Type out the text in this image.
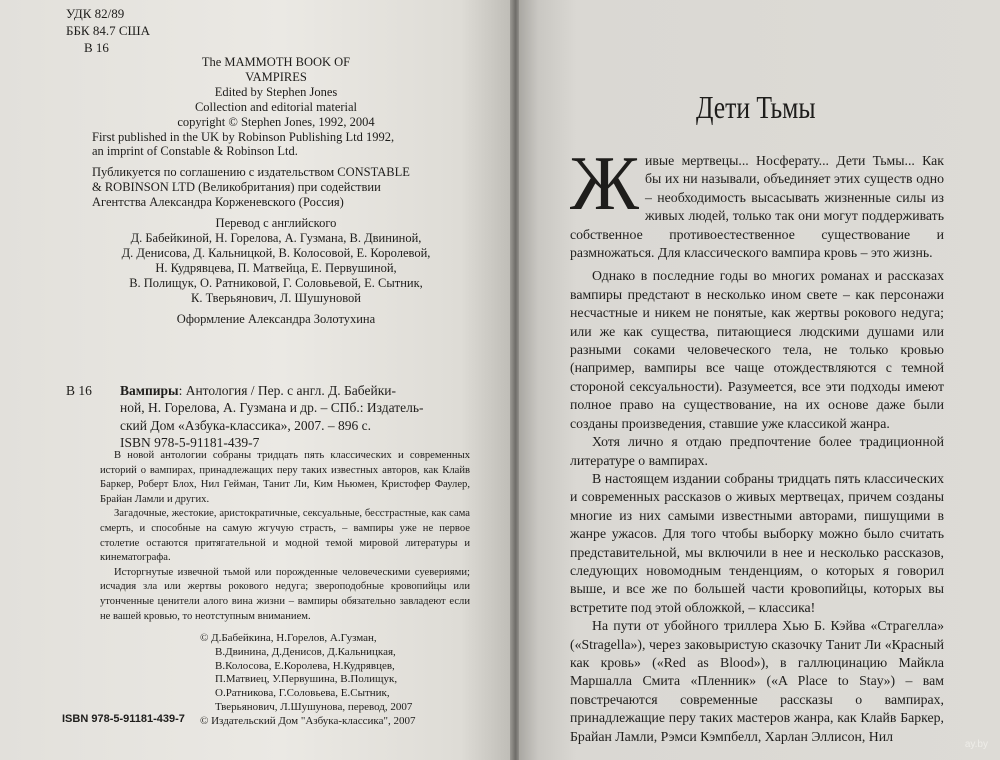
УДК 82/89
ББК 84.7 США
В 16
The MAMMOTH BOOK OF
VAMPIRES
Edited by Stephen Jones
Collection and editorial material
copyright © Stephen Jones, 1992, 2004
First published in the UK by Robinson Publishing Ltd 1992,
an imprint of Constable & Robinson Ltd.
Публикуется по соглашению с издательством CONSTABLE
& ROBINSON LTD (Великобритания) при содействии
Агентства Александра Корженевского (Россия)
Перевод с английского
Д. Бабейкиной, Н. Горелова, А. Гузмана, В. Двининой,
Д. Денисова, Д. Кальницкой, В. Колосовой, Е. Королевой,
Н. Кудрявцева, П. Матвейца, Е. Первушиной,
В. Полищук, О. Ратниковой, Г. Соловьевой, Е. Сытник,
К. Тверьянович, Л. Шушуновой
Оформление Александра Золотухина
В 16	Вампиры: Антология / Пер. с англ. Д. Бабейки-
ной, Н. Горелова, А. Гузмана и др. – СПб.: Издатель-
ский Дом «Азбука-классика», 2007. – 896 с.
ISBN 978-5-91181-439-7

В новой антологии собраны тридцать пять классических и современных историй о вампирах, принадлежащих перу таких известных авторов, как Клайв Баркер, Роберт Блох, Нил Гейман, Танит Ли, Ким Ньюмен, Кристофер Фаулер, Брайан Ламли и других.

Загадочные, жестокие, аристократичные, сексуальные, бесстрастные, как сама смерть, и способные на самую жгучую страсть, – вампиры уже не первое столетие остаются притягательной и модной темой мировой литературы и кинематографа.

Исторгнутые извечной тьмой или порожденные человеческими суевериями; исчадия зла или жертвы рокового недуга; звероподобные кровопийцы или утонченные ценители алого вина жизни – вампиры обязательно завладеют если не вашей кровью, то неотступным вниманием.

© Д.Бабейкина, Н.Горелов, А.Гузман,
В.Двинина, Д.Денисов, Д.Кальницкая,
В.Колосова, Е.Королева, Н.Кудрявцев,
П.Матвиец, У.Первушина, В.Полищук,
О.Ратникова, Г.Соловьева, Е.Сытник,
Тверьянович, Л.Шушунова, перевод, 2007
© Издательский Дом "Азбука-классика", 2007
ISBN 978-5-91181-439-7
Дети Тьмы

Живые мертвецы... Носферату... Дети Тьмы... Как бы их ни называли, объединяет этих существ одно – необходимость высасывать жизненные силы из живых людей, только так они могут поддерживать собственное противоестественное существование и размножаться. Для классического вампира кровь – это жизнь.

Однако в последние годы во многих романах и рассказах вампиры предстают в несколько ином свете – как персонажи несчастные и никем не понятые, как жертвы рокового недуга; или же как существа, питающиеся людскими душами или разными соками человеческого тела, не только кровью (например, вампиры все чаще отождествляются с темной стороной сексуальности). Разумеется, все эти подходы имеют полное право на существование, на их основе даже были созданы произведения, ставшие уже классикой жанра.

Хотя лично я отдаю предпочтение более традиционной литературе о вампирах.

В настоящем издании собраны тридцать пять классических и современных рассказов о живых мертвецах, причем созданы многие из них самыми известными авторами, пишущими в жанре ужасов. Для того чтобы выборку можно было считать представительной, мы включили в нее и несколько рассказов, следующих новомодным тенденциям, о которых я говорил выше, и все же по большей части кровопийцы, которых вы встретите под этой обложкой, – классика!

На пути от убойного триллера Хью Б. Кэйва «Страгелла» («Stragella»), через заковыристую сказочку Танит Ли «Красный как кровь» («Red as Blood»), в галлюцинацию Майкла Маршалла Смита «Пленник» («A Place to Stay») – вам повстречаются современные рассказы о вампирах, принадлежащие перу таких мастеров жанра, как Клайв Баркер, Брайан Ламли, Рэмси Кэмпбелл, Харлан Эллисон, Нил

ay.by
